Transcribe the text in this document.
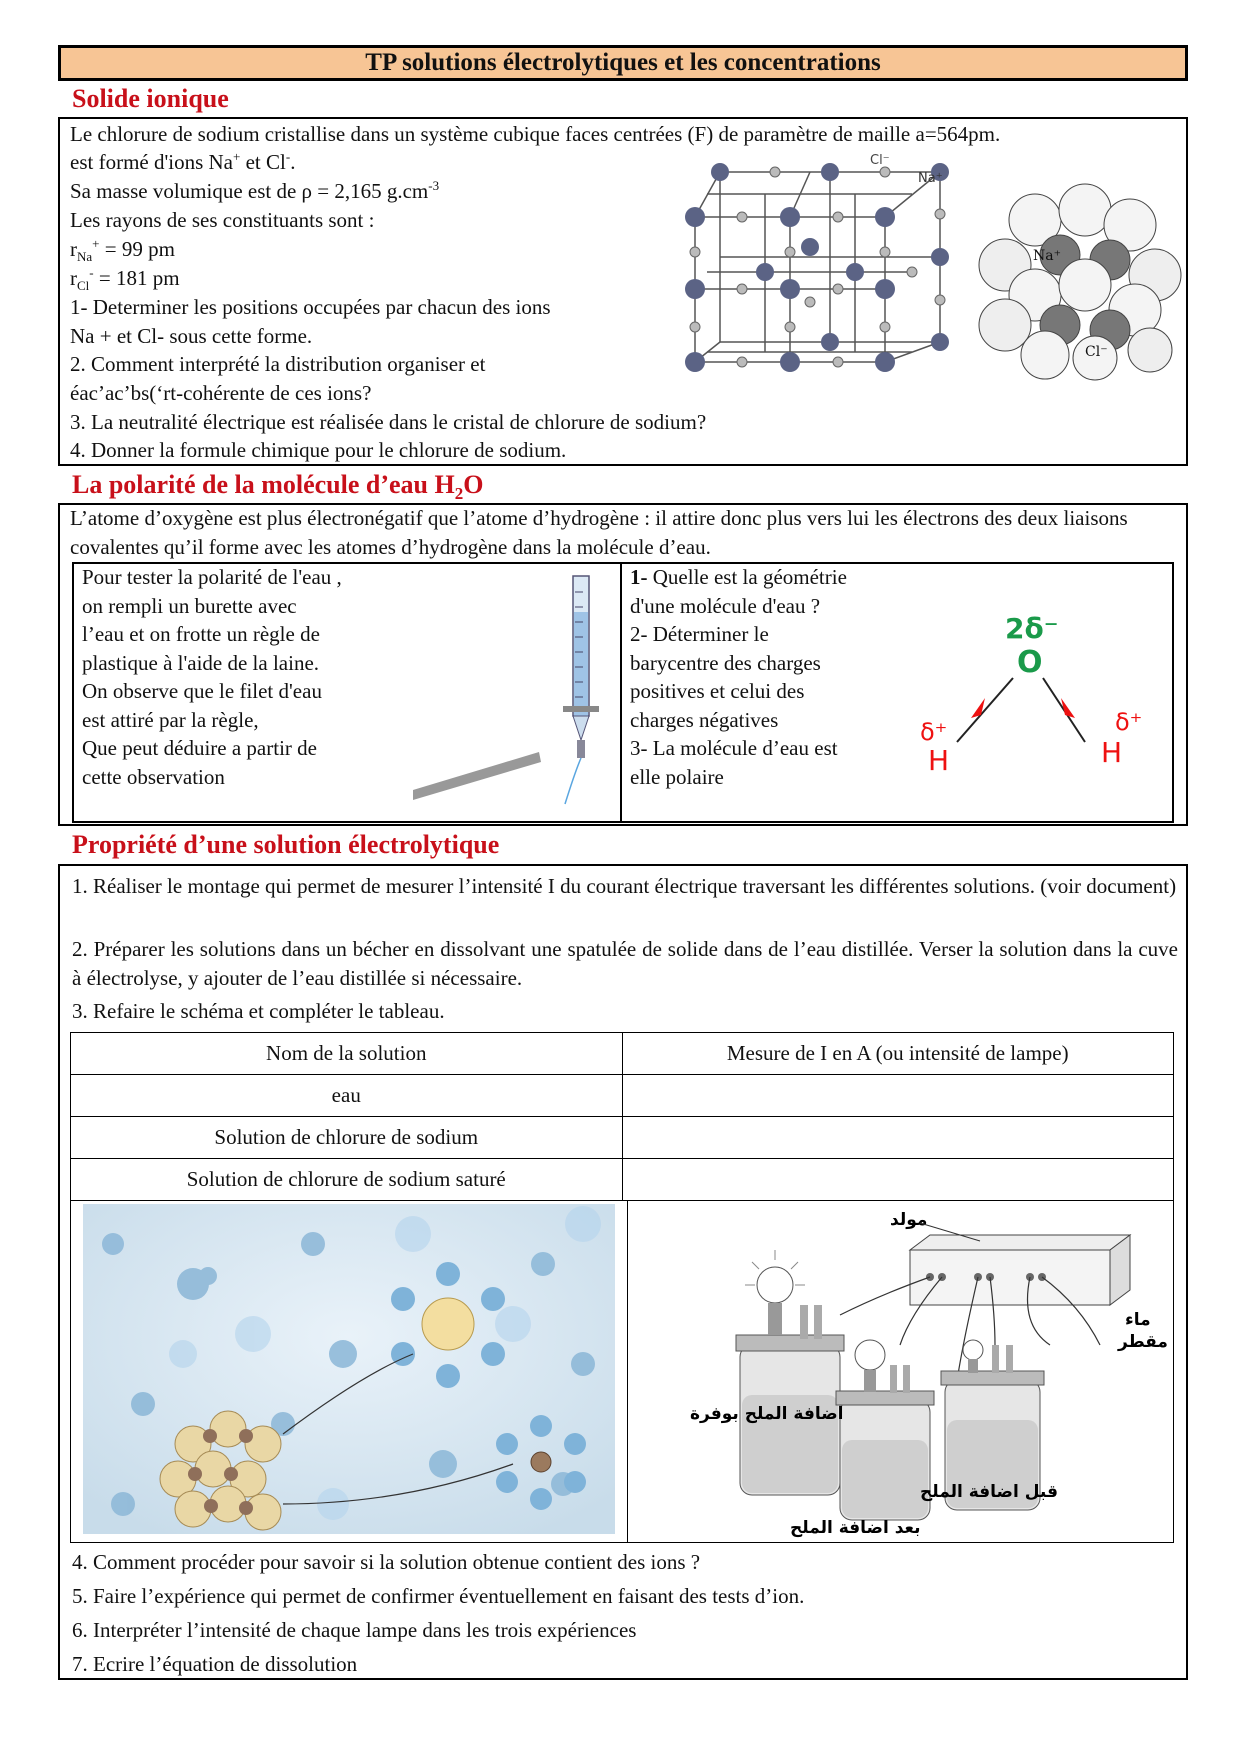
TP solutions électrolytiques et les concentrations
Solide ionique
Le chlorure de sodium cristallise dans un système cubique faces centrées (F) de paramètre de maille a=564pm.
est formé d'ions Na+ et Cl-.
Sa masse volumique est de ρ = 2,165 $g.cm^{-3}$
Les rayons de ses constituants sont :
$r_{Na}^+ = 99$ pm
$r_{Cl}^- = 181$ pm
1- Determiner les positions occupées par chacun des ions
Na + et Cl- sous cette forme.
2. Comment interprété la distribution organiser et
éac’ac’bs(‘rt-cohérente de ces ions?
3. La neutralité électrique est réalisée dans le cristal de chlorure de sodium?
4. Donner la formule chimique pour le chlorure de sodium.
Cl⁻
Na⁺
Na⁺
Cl⁻
La polarité de la molécule d’eau $H_2O$
L’atome d’oxygène est plus électronégatif que l’atome d’hydrogène : il attire donc plus vers lui les électrons des deux liaisons covalentes qu’il forme avec les atomes d’hydrogène dans la molécule d’eau.
Pour tester la polarité de l'eau ,
on rempli un burette avec
l’eau et on frotte un règle de
plastique à l'aide de la laine.
On observe que le filet d'eau
est attiré par la règle,
Que peut déduire a partir de
cette observation
1- Quelle est la géométrie
d'une molécule d'eau ?
2- Déterminer le
barycentre des charges
positives et celui des
charges négatives
3- La molécule d’eau est
elle polaire
2δ⁻
O
δ⁺
H
δ⁺
H
Propriété d’une solution électrolytique
1. Réaliser le montage qui permet de mesurer l’intensité I du courant électrique traversant les différentes solutions. (voir document)
2. Préparer les solutions dans un bécher en dissolvant une spatulée de solide dans de l’eau distillée. Verser la solution dans la cuve à électrolyse, y ajouter de l’eau distillée si nécessaire.
3. Refaire le schéma et compléter le tableau.
Nom de la solution	Mesure de I en A (ou intensité de lampe)
eau	
Solution de chlorure de sodium	
Solution de chlorure de sodium saturé	
مولد
ماء
مقطر
اضافة الملح بوفرة
بعد اضافة الملح
قبل اضافة الملح
4. Comment procéder pour savoir si la solution obtenue contient des ions ?
5. Faire l’expérience qui permet de confirmer éventuellement en faisant des tests d’ion.
6. Interpréter l’intensité de chaque lampe dans les trois expériences
7. Ecrire l’équation de dissolution
